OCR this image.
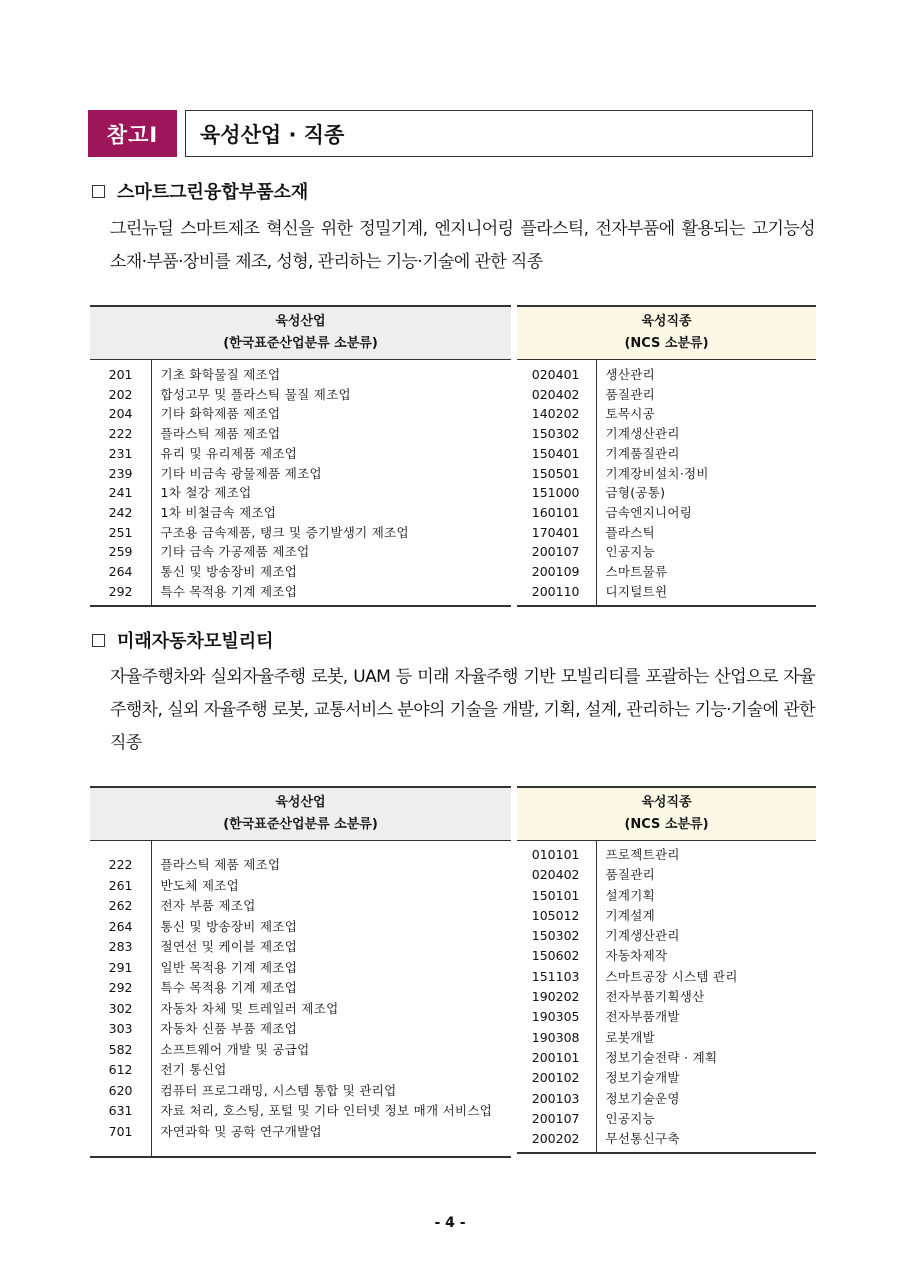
참고Ⅰ	육성산업 · 직종
스마트그린융합부품소재
그린뉴딜 스마트제조 혁신을 위한 정밀기계, 엔지니어링 플라스틱, 전자부품에 활용되는 고기능성 소재·부품·장비를 제조, 성형, 관리하는 기능·기술에 관한 직종
육성산업
(한국표준산업분류 소분류)	

201	기초 화학물질 제조업
202	합성고무 및 플라스틱 물질 제조업
204	기타 화학제품 제조업
222	플라스틱 제품 제조업
231	유리 및 유리제품 제조업
239	기타 비금속 광물제품 제조업
241	1차 철강 제조업
242	1차 비철금속 제조업
251	구조용 금속제품, 탱크 및 증기발생기 제조업
259	기타 금속 가공제품 제조업
264	통신 및 방송장비 제조업
292	특수 목적용 기계 제조업
육성직종
(NCS 소분류)	

020401	생산관리
020402	품질관리
140202	토목시공
150302	기계생산관리
150401	기계품질관리
150501	기계장비설치·정비
151000	금형(공통)
160101	금속엔지니어링
170401	플라스틱
200107	인공지능
200109	스마트물류
200110	디지털트윈
미래자동차모빌리티
자율주행차와 실외자율주행 로봇, UAM 등 미래 자율주행 기반 모빌리티를 포괄하는 산업으로 자율주행차, 실외 자율주행 로봇, 교통서비스 분야의 기술을 개발, 기획, 설계, 관리하는 기능·기술에 관한 직종
육성산업
(한국표준산업분류 소분류)	

222	플라스틱 제품 제조업
261	반도체 제조업
262	전자 부품 제조업
264	통신 및 방송장비 제조업
283	절연선 및 케이블 제조업
291	일반 목적용 기계 제조업
292	특수 목적용 기계 제조업
302	자동차 차체 및 트레일러 제조업
303	자동차 신품 부품 제조업
582	소프트웨어 개발 및 공급업
612	전기 통신업
620	컴퓨터 프로그래밍, 시스템 통합 및 관리업
631	자료 처리, 호스팅, 포털 및 기타 인터넷 정보 매개 서비스업
701	자연과학 및 공학 연구개발업
육성직종
(NCS 소분류)	

010101	프로젝트관리
020402	품질관리
150101	설계기획
105012	기계설계
150302	기계생산관리
150602	자동차제작
151103	스마트공장 시스템 관리
190202	전자부품기획생산
190305	전자부품개발
190308	로봇개발
200101	정보기술전략 · 계획
200102	정보기술개발
200103	정보기술운영
200107	인공지능
200202	무선통신구축
- 4 -
